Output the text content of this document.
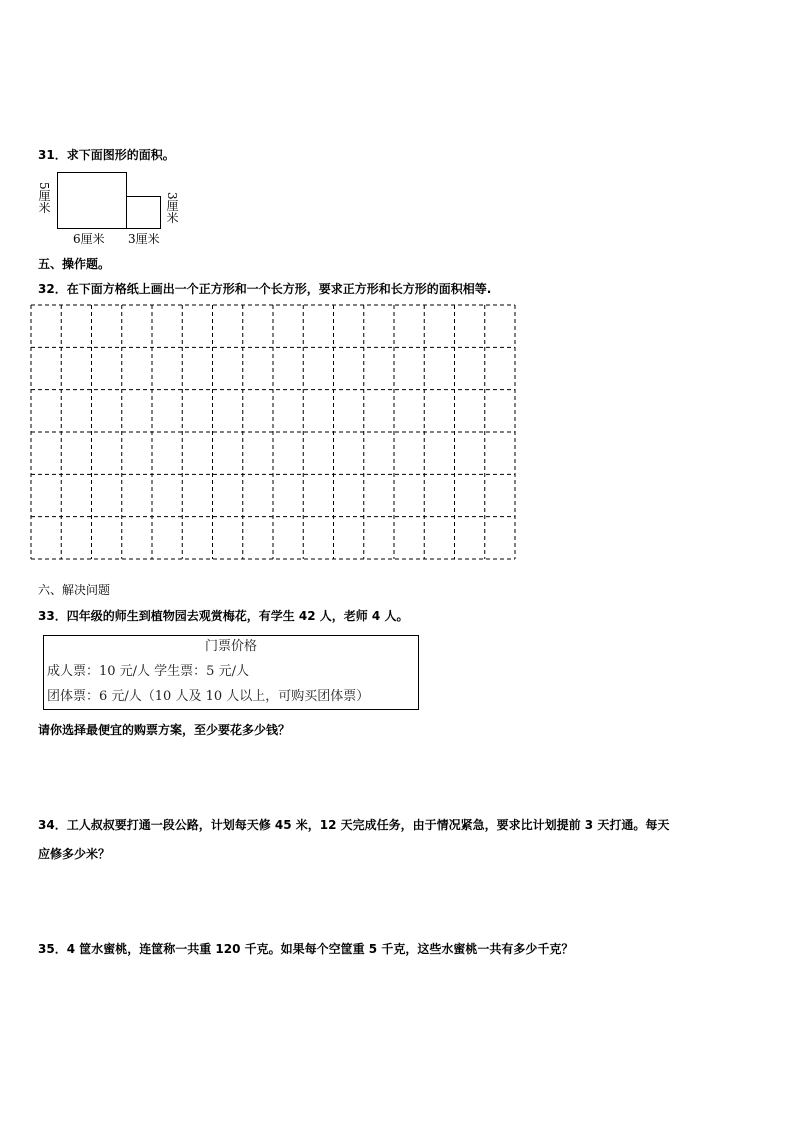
31．求下面图形的面积。
5厘米	3厘米
6厘米 3厘米
五、操作题。
32．在下面方格纸上画出一个正方形和一个长方形，要求正方形和长方形的面积相等.
六、解决问题
33．四年级的师生到植物园去观赏梅花，有学生 42 人，老师 4 人。
门票价格
成人票：10 元/人 学生票：5 元/人
团体票：6 元/人（10 人及 10 人以上，可购买团体票）
请你选择最便宜的购票方案，至少要花多少钱？
34．工人叔叔要打通一段公路，计划每天修 45 米，12 天完成任务，由于情况紧急，要求比计划提前 3 天打通。每天
应修多少米？
35．4 筐水蜜桃，连筐称一共重 120 千克。如果每个空筐重 5 千克，这些水蜜桃一共有多少千克？
